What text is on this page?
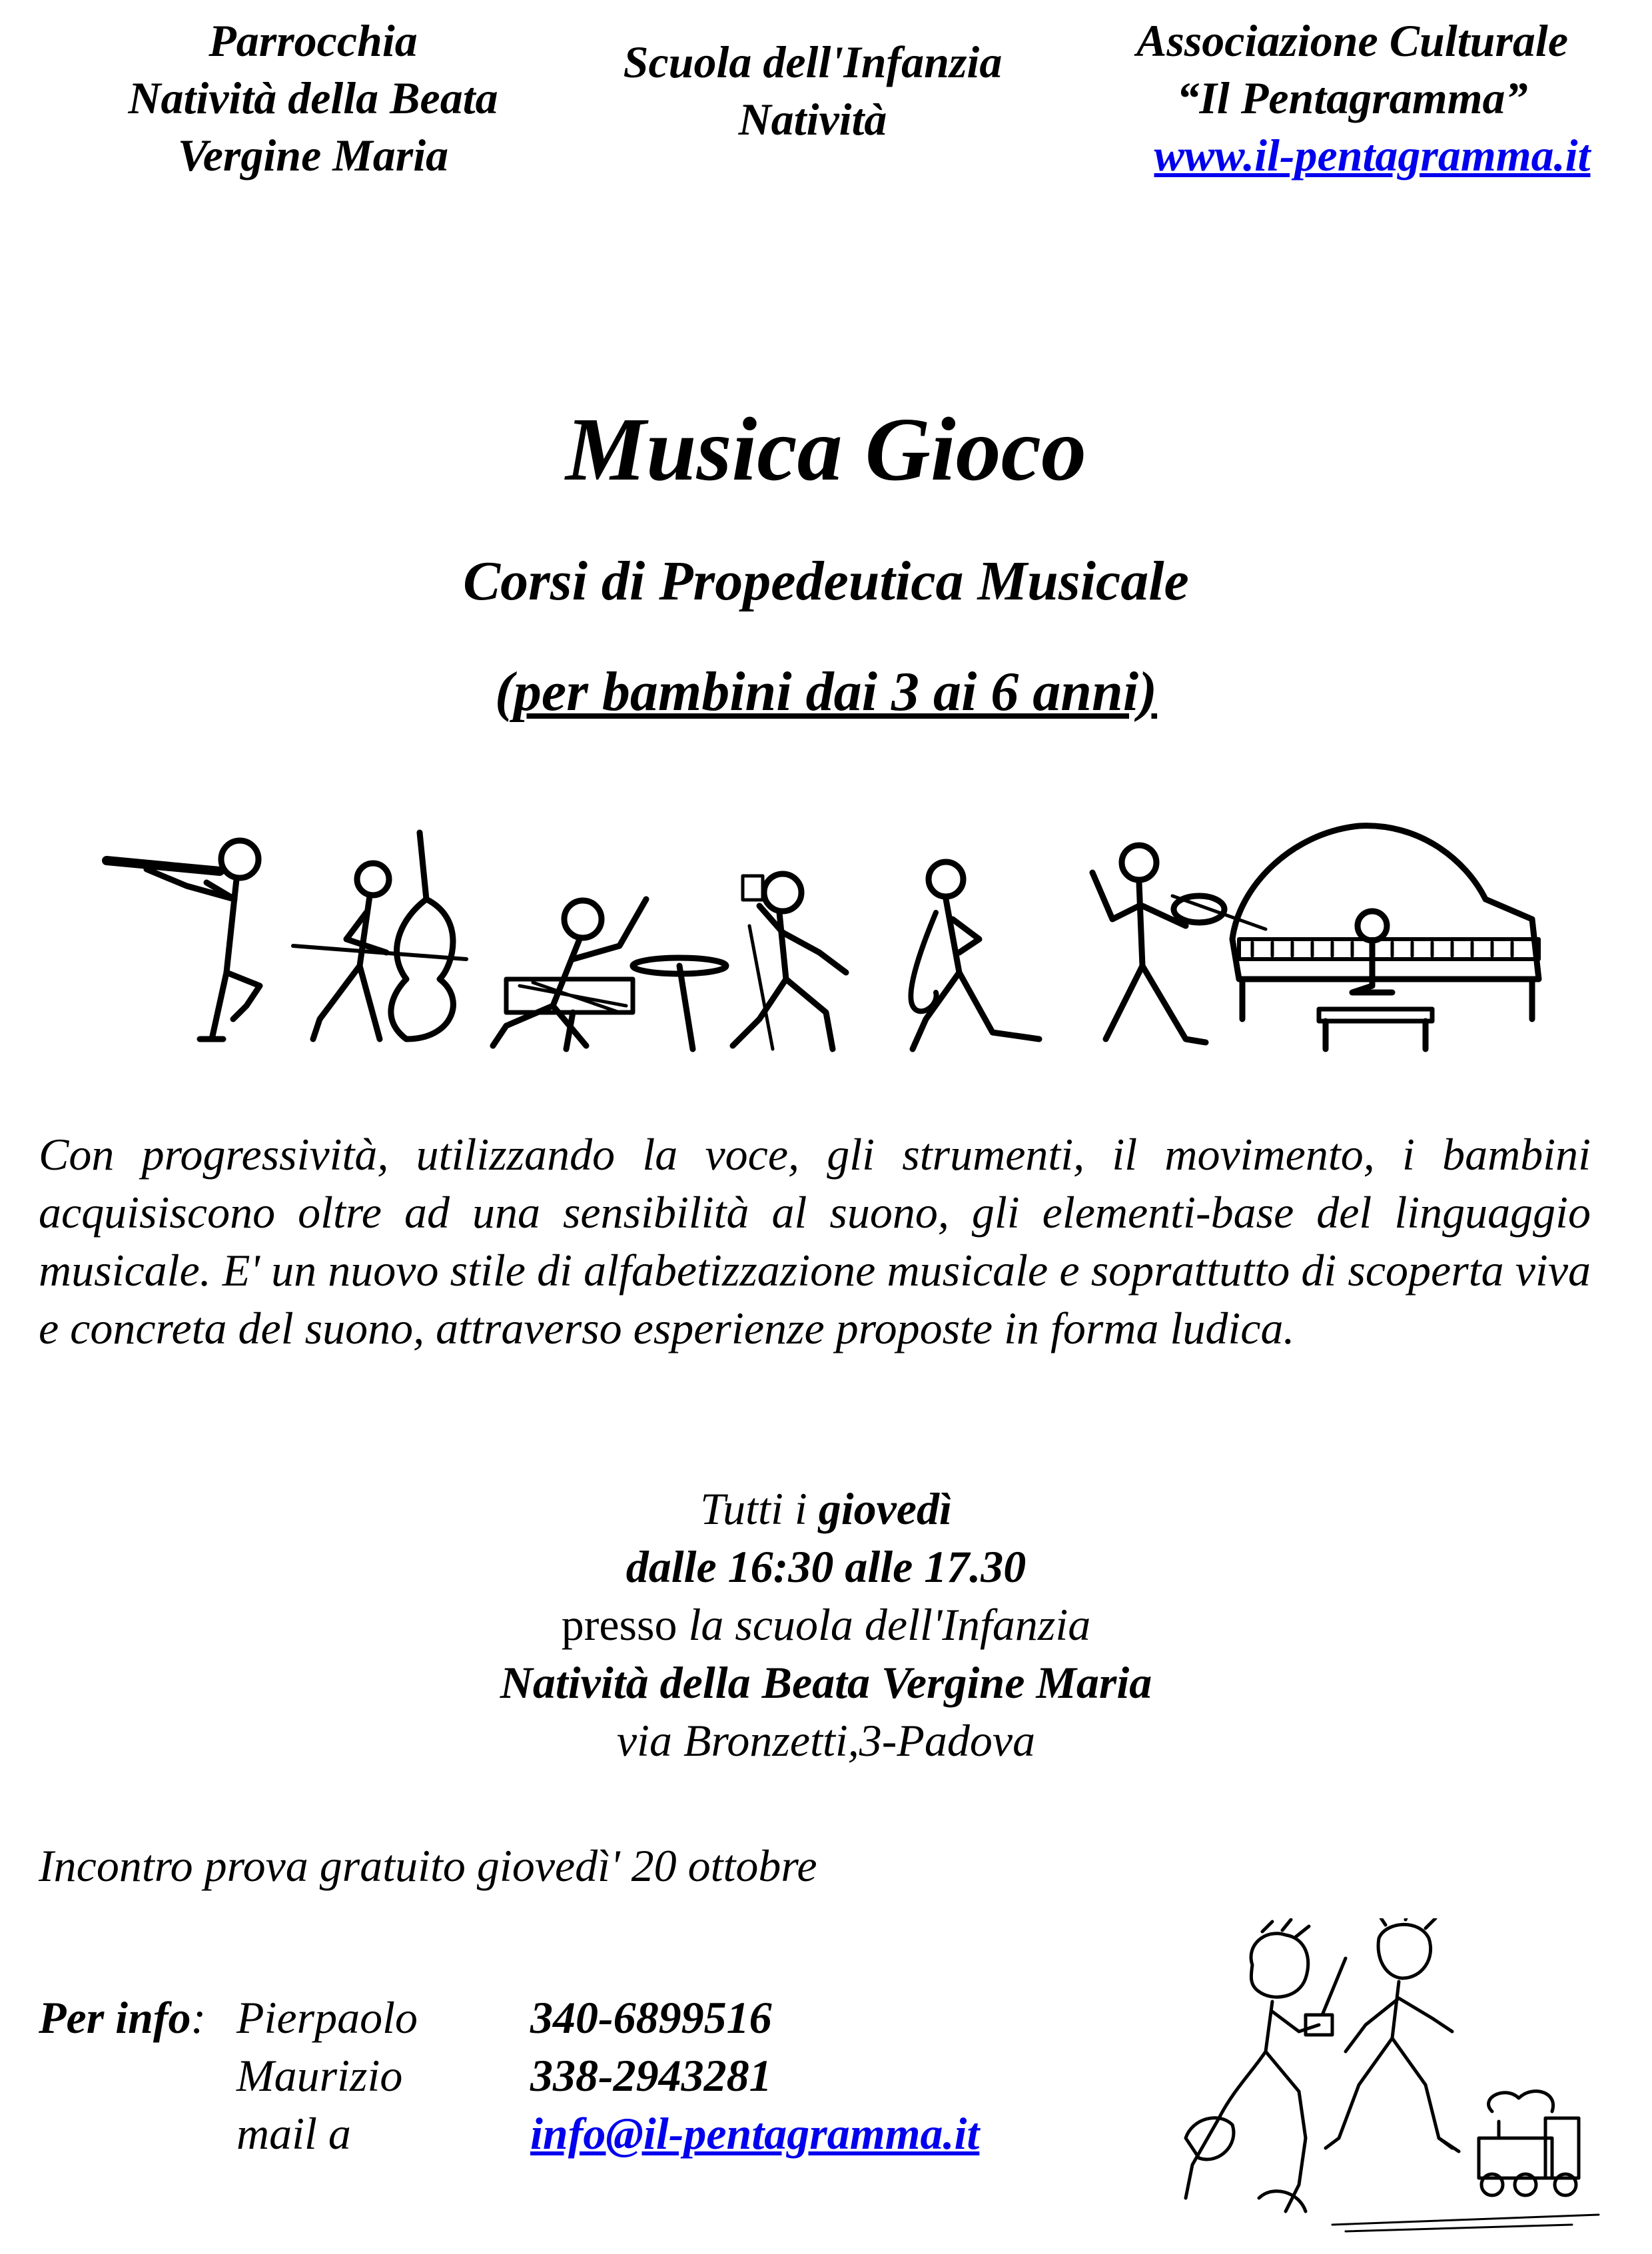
Parrocchia
Natività della Beata
Vergine Maria
Scuola dell'Infanzia
Natività
Associazione Culturale
“Il Pentagramma”
www.il-pentagramma.it
Musica Gioco
Corsi di Propedeutica Musicale
(per bambini dai 3 ai 6 anni)

Con progressività, utilizzando la voce, gli strumenti, il movimento, i bambini acquisiscono oltre ad una sensibilità al suono, gli elementi-base del linguaggio musicale. E' un nuovo stile di alfabetizzazione musicale e soprattutto di scoperta viva e concreta del suono, attraverso esperienze proposte in forma ludica.

Tutti i giovedì
dalle 16:30 alle 17.30
presso la scuola dell'Infanzia
Natività della Beata Vergine Maria
via Bronzetti,3-Padova
Incontro prova gratuito giovedì' 20 ottobre
Per info: Pierpaolo 340-6899516
Maurizio	338-2943281
mail a	info@il-pentagramma.it
